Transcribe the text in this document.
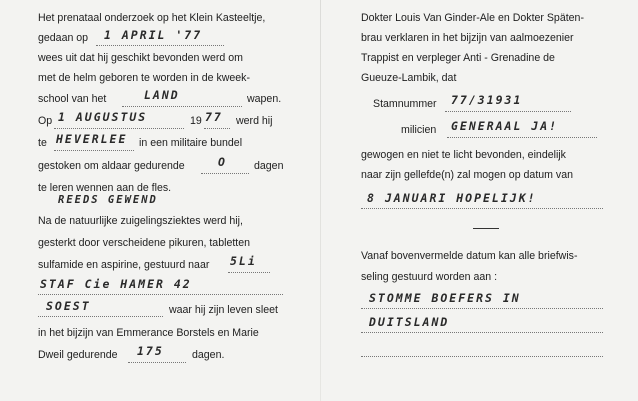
Het prenataal onderzoek op het Klein Kasteeltje,
gedaan op 1 APRIL '77
wees uit dat hij geschikt bevonden werd om
met de helm geboren te worden in de kweek-
school van het	LAND	wapen.
Op 1 AUGUSTUS	19 77 werd hij
te HEVERLEE in een militaire bundel
gestoken om aldaar gedurende	O	dagen
te leren wennen aan de fles.
REEDS GEWEND
Na de natuurlijke zuigelingsziektes werd hij,
gesterkt door verscheidene pikuren, tabletten
sulfamide en aspirine, gestuurd naar 5Li
STAF Cie HAMER 42
SOEST	waar hij zijn leven sleet
in het bijzijn van Emmerance Borstels en Marie
Dweil gedurende 175	dagen.
Dokter Louis Van Ginder-Ale en Dokter Späten-
brau verklaren in het bijzijn van aalmoezenier
Trappist en verpleger Anti - Grenadine de
Gueuze-Lambik, dat
Stamnummer 77/31931
milicien GENERAAL JA!
gewogen en niet te licht bevonden, eindelijk
naar zijn gellefde(n) zal mogen op datum van
8 JANUARI HOPELIJK!
Vanaf bovenvermelde datum kan alle briefwis-
seling gestuurd worden aan :
STOMME BOEFERS IN
DUITSLAND
